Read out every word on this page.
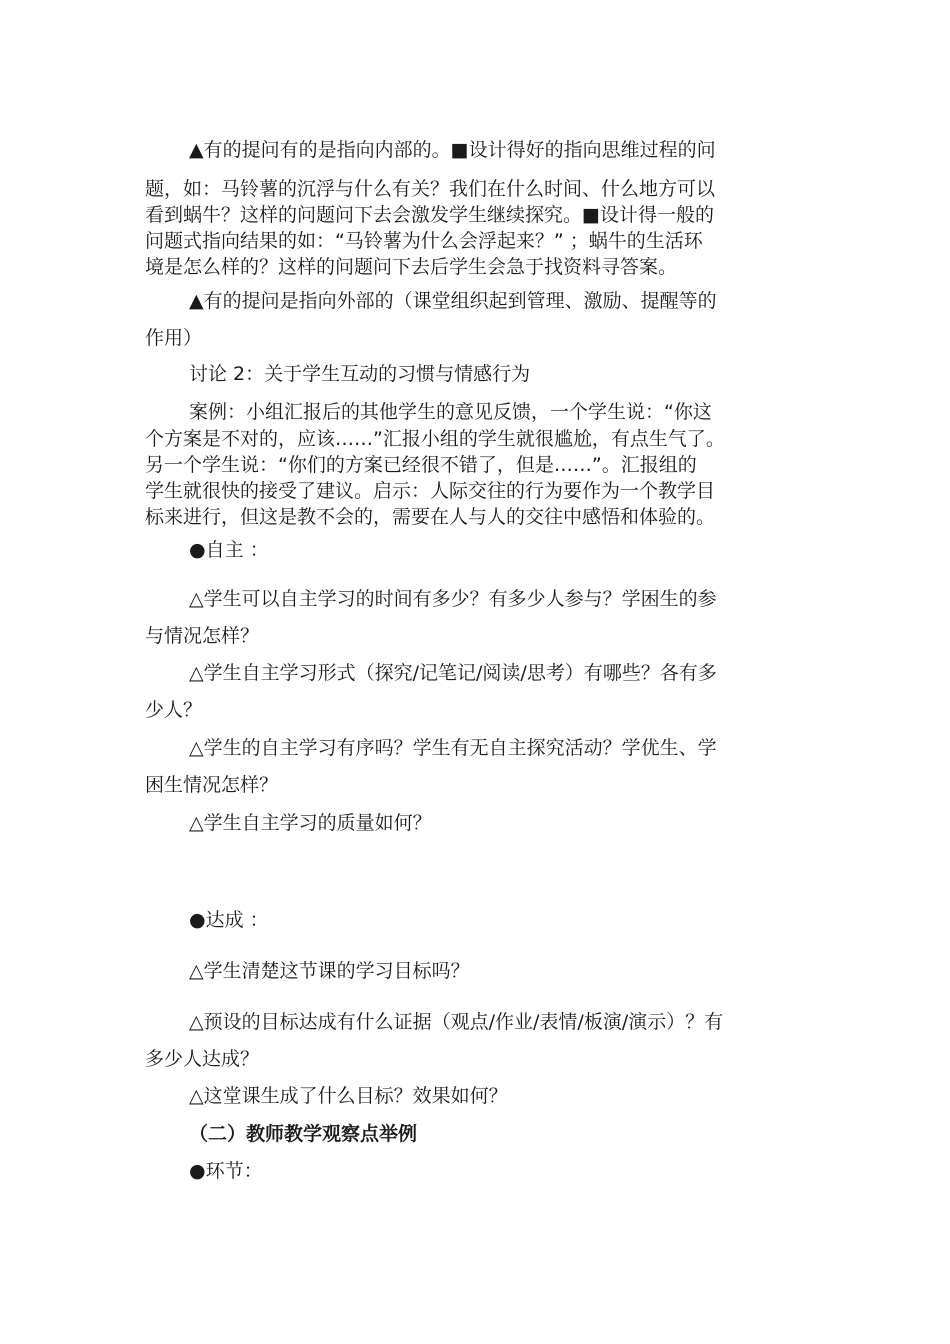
▲有的提问有的是指向内部的。■设计得好的指向思维过程的问
题，如：马铃薯的沉浮与什么有关？我们在什么时间、什么地方可以
看到蜗牛？这样的问题问下去会激发学生继续探究。■设计得一般的
问题式指向结果的如：“马铃薯为什么会浮起来？” ；蜗牛的生活环
境是怎么样的？这样的问题问下去后学生会急于找资料寻答案。
▲有的提问是指向外部的（课堂组织起到管理、激励、提醒等的
作用）
讨论 2：关于学生互动的习惯与情感行为
案例：小组汇报后的其他学生的意见反馈，一个学生说：“你这
个方案是不对的，应该……”汇报小组的学生就很尴尬，有点生气了。
另一个学生说：“你们的方案已经很不错了，但是……”。汇报组的
学生就很快的接受了建议。启示：人际交往的行为要作为一个教学目
标来进行，但这是教不会的，需要在人与人的交往中感悟和体验的。
●自主 ：
△学生可以自主学习的时间有多少？有多少人参与？学困生的参
与情况怎样？
△学生自主学习形式（探究/记笔记/阅读/思考）有哪些？各有多
少人？
△学生的自主学习有序吗？学生有无自主探究活动？学优生、学
困生情况怎样？
△学生自主学习的质量如何？
●达成 ：
△学生清楚这节课的学习目标吗？
△预设的目标达成有什么证据（观点/作业/表情/板演/演示）？有
多少人达成？
△这堂课生成了什么目标？效果如何？
（二）教师教学观察点举例
●环节：
